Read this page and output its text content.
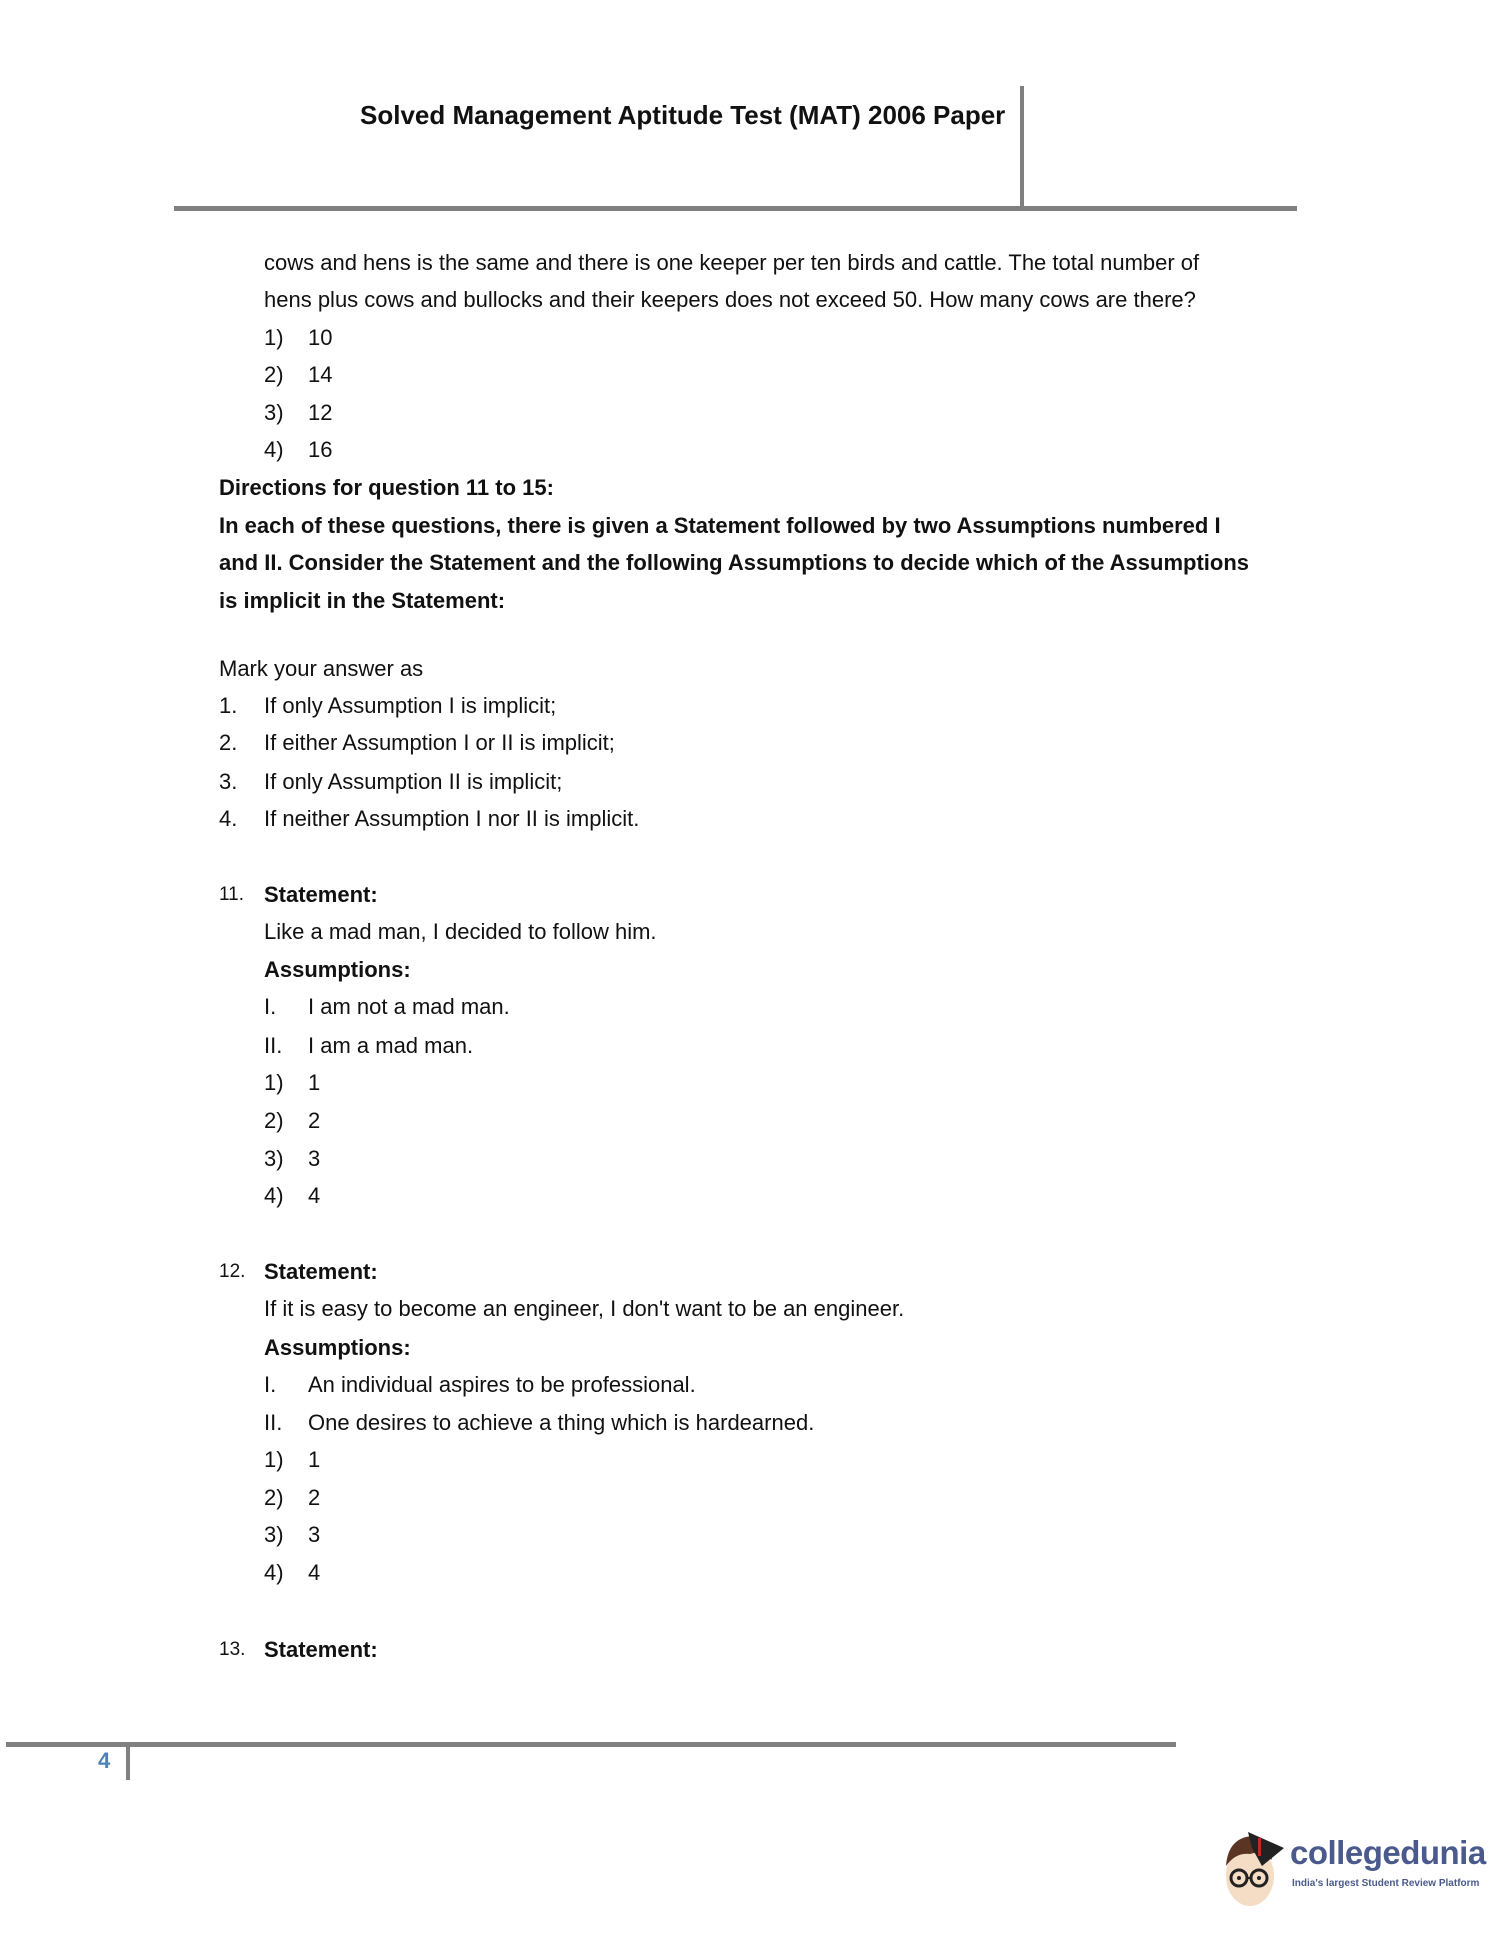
Solved Management Aptitude Test (MAT) 2006 Paper
cows and hens is the same and there is one keeper per ten birds and cattle. The total number of
hens plus cows and bullocks and their keepers does not exceed 50. How many cows are there?
1) 10
2) 14
3) 12
4) 16
Directions for question 11 to 15:
In each of these questions, there is given a Statement followed by two Assumptions numbered I
and II. Consider the Statement and the following Assumptions to decide which of the Assumptions
is implicit in the Statement:
Mark your answer as
1. If only Assumption I is implicit;
2. If either Assumption I or II is implicit;
3. If only Assumption II is implicit;
4. If neither Assumption I nor II is implicit.
11. Statement:
Like a mad man, I decided to follow him.
Assumptions:
I. I am not a mad man.
II. I am a mad man.
1) 1
2) 2
3) 3
4) 4
12. Statement:
If it is easy to become an engineer, I don't want to be an engineer.
Assumptions:
I. An individual aspires to be professional.
II. One desires to achieve a thing which is hardearned.
1) 1
2) 2
3) 3
4) 4
13. Statement:
4
collegedunia
India's largest Student Review Platform
